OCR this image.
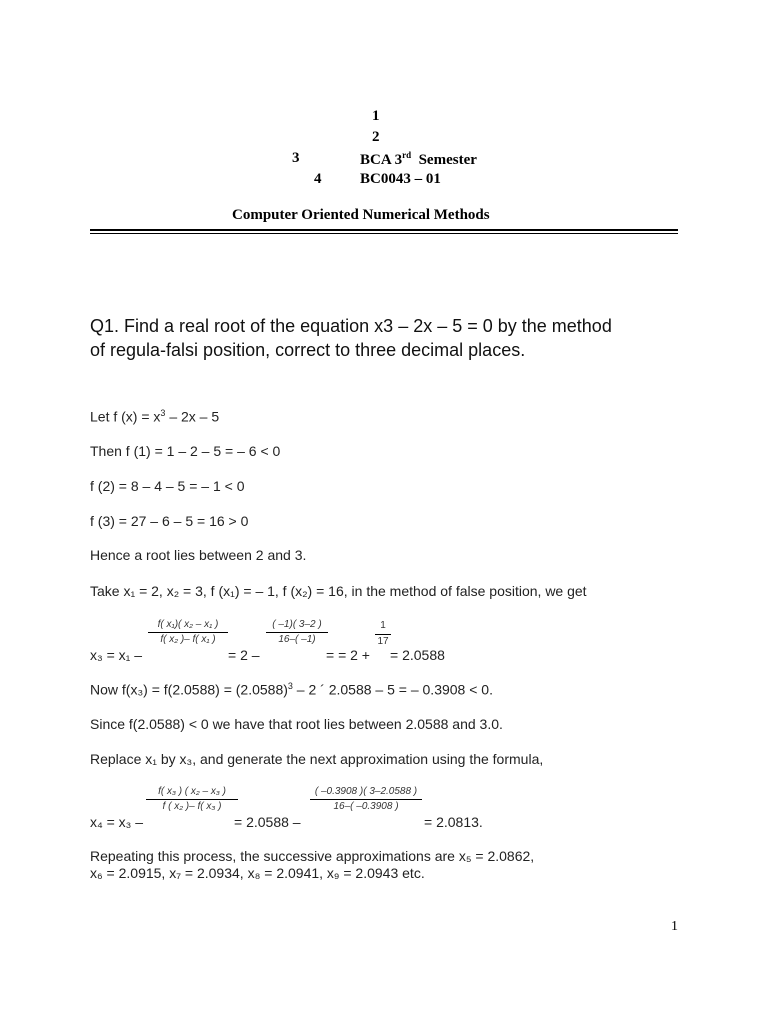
1
2
3	BCA 3rd  Semester
4	BC0043 – 01
Computer Oriented Numerical Methods
Q1. Find a real root of the equation x3 – 2x – 5 = 0 by the method
of regula-falsi position, correct to three decimal places.
Let f $(x) = x^3 - 2x - 5$
Then f (1) = 1 – 2 – 5 = – 6 < 0
f (2) = 8 – 4 – 5 = – 1 < 0
f (3) = 27 – 6 – 5 = 16 > 0
Hence a root lies between 2 and 3.
Take x₁ = 2, x₂ = 3, f (x₁) = – 1, f (x₂) = 16, in the method of false position, we get
f( x₁)( x₂ – x₁ )
f( x₂ )– f( x₁ )
( –1)( 3–2 )
16–( –1)
1
17
x₃ = x₁ –	= 2 –	= = 2 + = 2.0588
Now $f(x_3) = f(2.0588) = (2.0588)^3 - 2$ ´ 2.0588 – 5 = – 0.3908 < 0.
Since f(2.0588) < 0 we have that root lies between 2.0588 and 3.0.
Replace x₁ by x₃, and generate the next approximation using the formula,
f( x₃ ) ( x₂ – x₃ )
f ( x₂ )– f( x₃ )
( –0.3908 )( 3–2.0588 )
16–( –0.3908 )
x₄ = x₃ –	= 2.0588 –	= 2.0813.
Repeating this process, the successive approximations are x₅ = 2.0862,
x₆ = 2.0915, x₇ = 2.0934, x₈ = 2.0941, x₉ = 2.0943 etc.
1
